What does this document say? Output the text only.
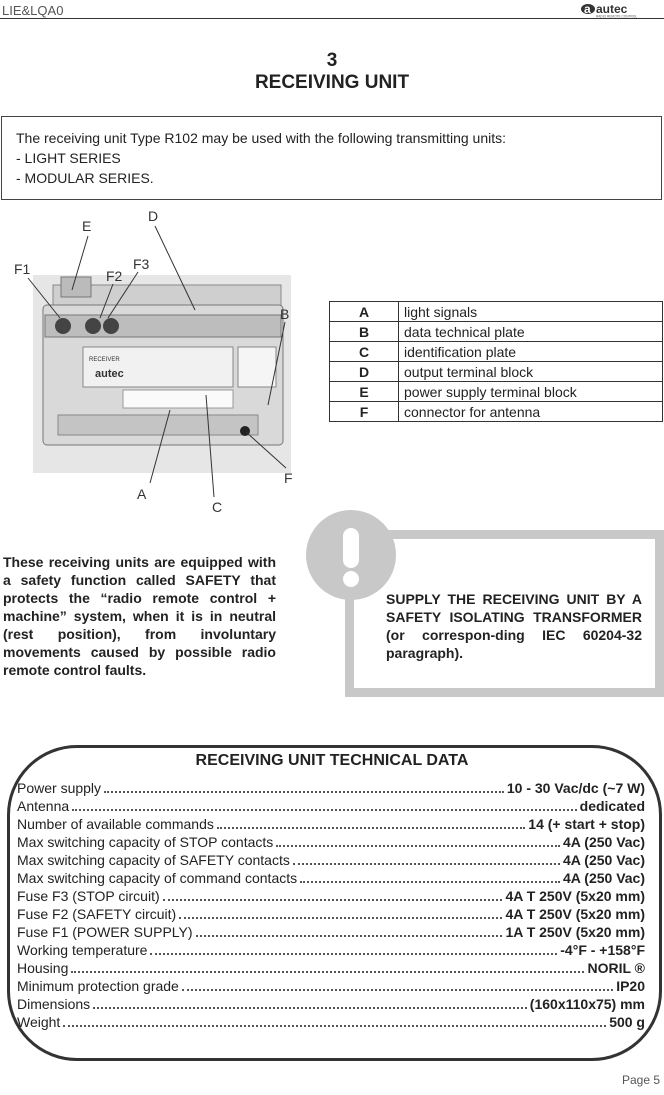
LIE&LQA0	a autec
RADIO REMOTE CONTROL
3
RECEIVING UNIT
The receiving unit Type R102 may be used with the following transmitting units:
- LIGHT SERIES
- MODULAR SERIES.
RECEIVER
autec
E
D
F1	F3
F2
B
F
A
C
A	light signals
B	data technical plate
C	identification plate
D	output terminal block
E	power supply terminal block
F	connector for antenna
These receiving units are equipped with a safety function called SAFETY that protects the “radio remote control + machine” system, when it is in neutral (rest position), from involuntary movements caused by possible radio remote control faults.
SUPPLY THE RECEIVING UNIT BY A SAFETY ISOLATING TRANSFORMER (or correspon-ding IEC 60204-32 paragraph).
RECEIVING UNIT TECHNICAL DATA
Power supply	10 - 30 Vac/dc (~7 W)
Antenna	dedicated
Number of available commands	14 (+ start + stop)
Max switching capacity of STOP contacts	4A (250 Vac)
Max switching capacity of SAFETY contacts	4A (250 Vac)
Max switching capacity of command contacts	4A (250 Vac)
Fuse F3 (STOP circuit)	4A T 250V (5x20 mm)
Fuse F2 (SAFETY circuit)	4A T 250V (5x20 mm)
Fuse F1 (POWER SUPPLY)	1A T 250V (5x20 mm)
Working temperature	-4°F - +158°F
Housing	NORIL ®
Minimum protection grade	IP20
Dimensions	(160x110x75) mm
Weight	500 g
Page 5
